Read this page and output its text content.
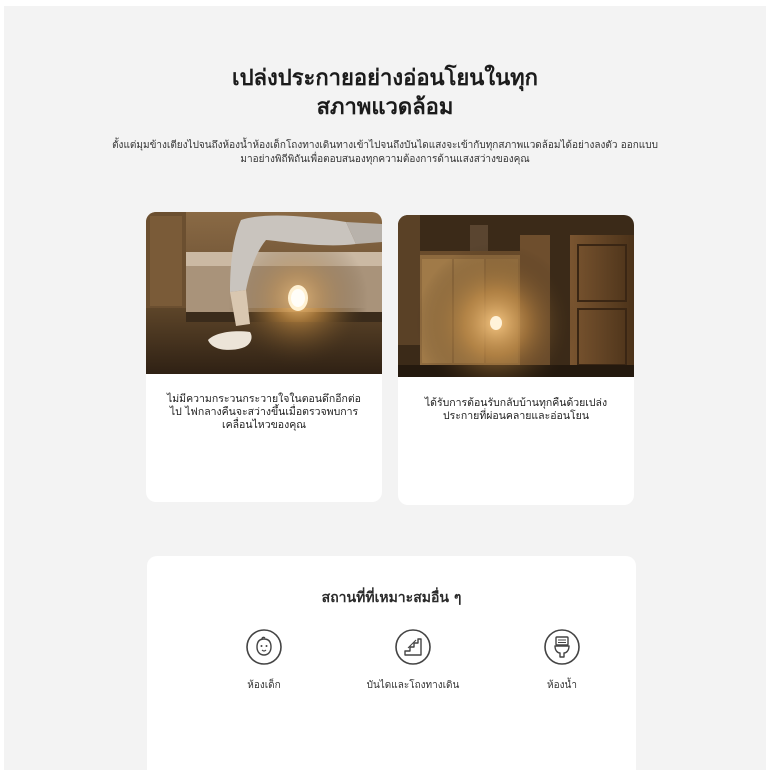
เปล่งประกายอย่างอ่อนโยนในทุก
สภาพแวดล้อม

ตั้งแต่มุมข้างเตียงไปจนถึงห้องน้ำห้องเด็กโถงทางเดินทางเข้าไปจนถึงบันไดแสงจะเข้ากับทุกสภาพแวดล้อมได้อย่างลงตัว ออกแบบ
มาอย่างพิถีพิถันเพื่อตอบสนองทุกความต้องการด้านแสงสว่างของคุณ

ไม่มีความกระวนกระวายใจในตอนดึกอีกต่อ
ไป ไฟกลางคืนจะสว่างขึ้นเมื่อตรวจพบการ
เคลื่อนไหวของคุณ
ได้รับการต้อนรับกลับบ้านทุกคืนด้วยเปล่ง
ประกายที่ผ่อนคลายและอ่อนโยน
สถานที่ที่เหมาะสมอื่น ๆ
ห้องเด็ก	บันไดและโถงทางเดิน	ห้องน้ำ
